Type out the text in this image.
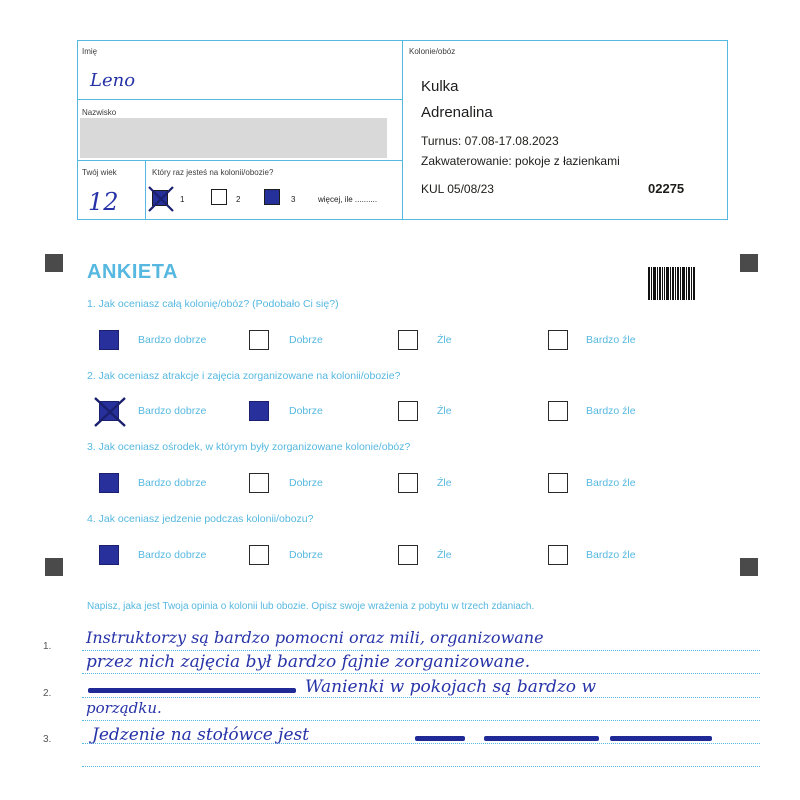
Imię
Leno
Nazwisko
Twój wiek
12
Który raz jesteś na kolonii/obozie?
1	2	3	więcej, ile ..........
Kolonie/obóz
Kulka
Adrenalina
Turnus: 07.08-17.08.2023
Zakwaterowanie: pokoje z łazienkami
KUL 05/08/23	02275
ANKIETA
1. Jak oceniasz całą kolonię/obóz? (Podobało Ci się?)
Bardzo dobrze	Dobrze	Źle	Bardzo źle
2. Jak oceniasz atrakcje i zajęcia zorganizowane na kolonii/obozie?
Bardzo dobrze	Dobrze	Źle	Bardzo źle
3. Jak oceniasz ośrodek, w którym były zorganizowane kolonie/obóz?
Bardzo dobrze	Dobrze	Źle	Bardzo źle
4. Jak oceniasz jedzenie podczas kolonii/obozu?
Bardzo dobrze	Dobrze	Źle	Bardzo źle
Napisz, jaka jest Twoja opinia o kolonii lub obozie. Opisz swoje wrażenia z pobytu w trzech zdaniach.
1.
2.
3.
Instruktorzy są bardzo pomocni oraz mili, organizowane
przez nich zajęcia był bardzo fajnie zorganizowane.
Wanienki w pokojach są bardzo w
porządku.
Jedzenie na stołówce jest
